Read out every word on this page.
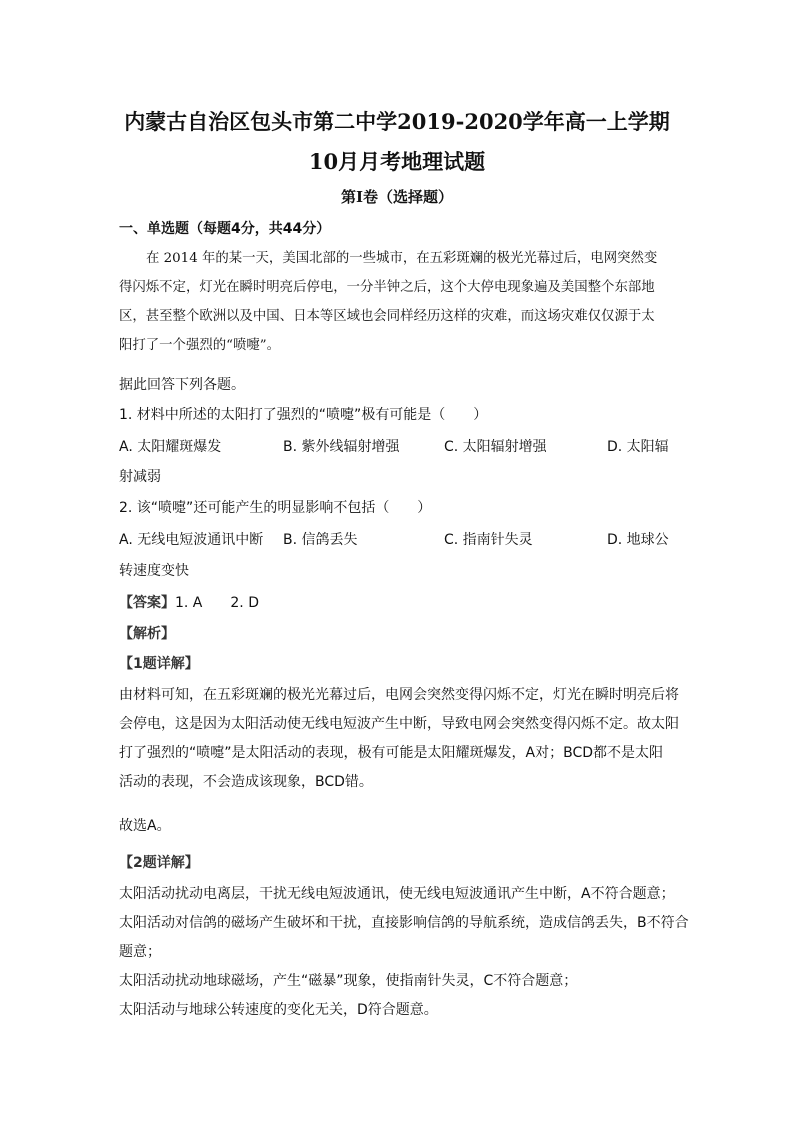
内蒙古自治区包头市第二中学2019-2020学年高一上学期
10月月考地理试题
第I卷（选择题）
一、单选题（每题4分，共44分）
在 2014 年的某一天，美国北部的一些城市，在五彩斑斓的极光光幕过后，电网突然变
得闪烁不定，灯光在瞬时明亮后停电，一分半钟之后，这个大停电现象遍及美国整个东部地
区，甚至整个欧洲以及中国、日本等区域也会同样经历这样的灾难，而这场灾难仅仅源于太
阳打了一个强烈的“喷嚏”。
据此回答下列各题。
1. 材料中所述的太阳打了强烈的“喷嚏”极有可能是（　　）
A. 太阳耀斑爆发	B. 紫外线辐射增强	C. 太阳辐射增强	D. 太阳辐
射减弱
2. 该“喷嚏”还可能产生的明显影响不包括（　　）
A. 无线电短波通讯中断 B. 信鸽丢失	C. 指南针失灵	D. 地球公
转速度变快
【答案】1. A　　2. D
【解析】
【1题详解】
由材料可知，在五彩斑斓的极光光幕过后，电网会突然变得闪烁不定，灯光在瞬时明亮后将
会停电，这是因为太阳活动使无线电短波产生中断，导致电网会突然变得闪烁不定。故太阳
打了强烈的“喷嚏”是太阳活动的表现，极有可能是太阳耀斑爆发，A对；BCD都不是太阳
活动的表现，不会造成该现象，BCD错。
故选A。
【2题详解】
太阳活动扰动电离层，干扰无线电短波通讯，使无线电短波通讯产生中断，A不符合题意；
太阳活动对信鸽的磁场产生破坏和干扰，直接影响信鸽的导航系统，造成信鸽丢失，B不符合
题意；
太阳活动扰动地球磁场，产生“磁暴”现象，使指南针失灵，C不符合题意；
太阳活动与地球公转速度的变化无关，D符合题意。
